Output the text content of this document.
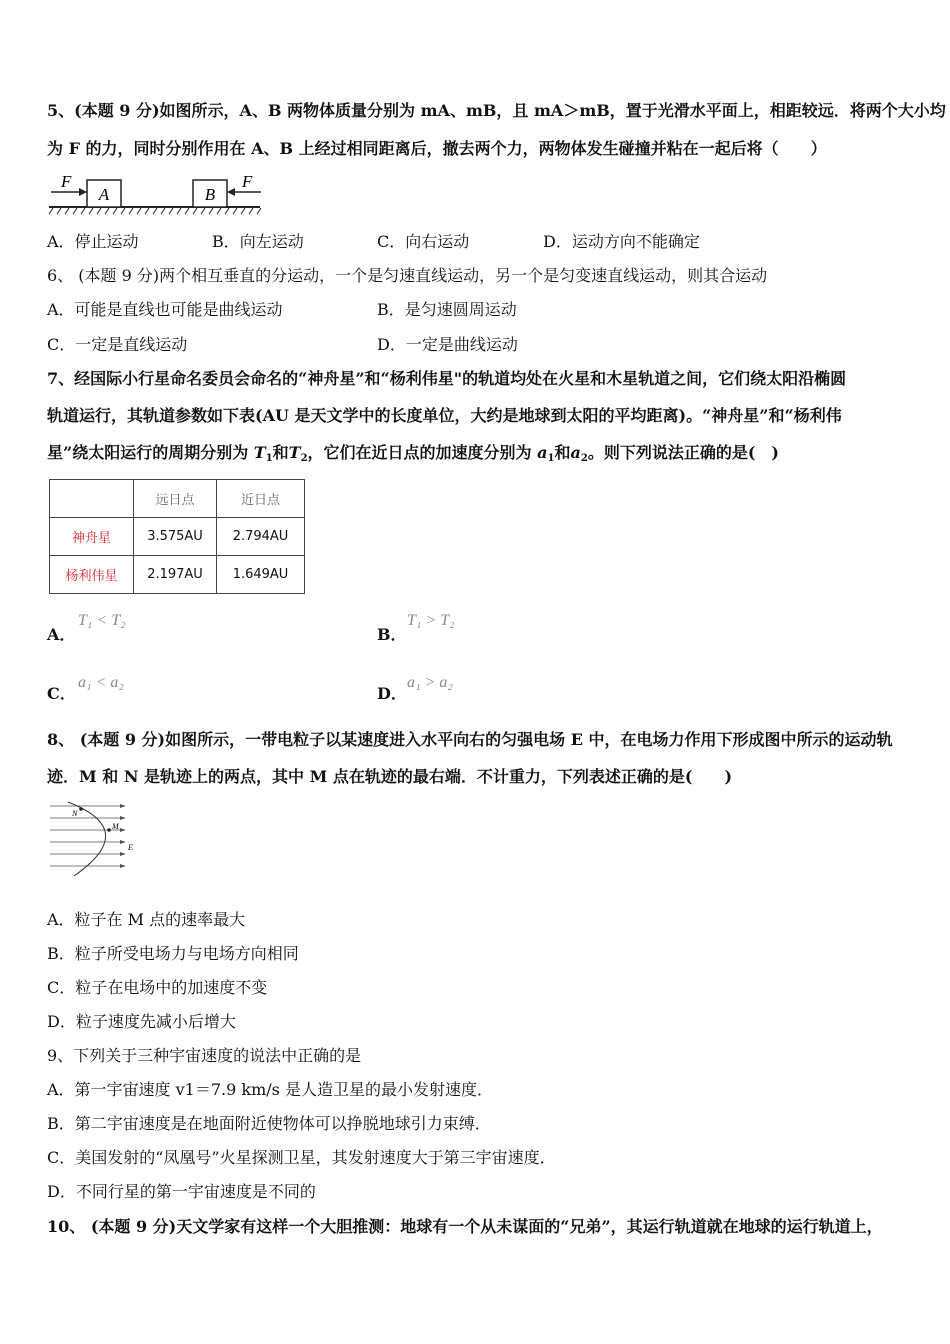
5、(本题 9 分)如图所示，A、B 两物体质量分别为 mA、mB，且 mA＞mB，置于光滑水平面上，相距较远．将两个大小均
为 F 的力，同时分别作用在 A、B 上经过相同距离后，撤去两个力，两物体发生碰撞并粘在一起后将（　　）
A	B
F	F
A．停止运动	B．向左运动	C．向右运动	D．运动方向不能确定
6、 (本题 9 分)两个相互垂直的分运动，一个是匀速直线运动，另一个是匀变速直线运动，则其合运动
A．可能是直线也可能是曲线运动	B．是匀速圆周运动
C．一定是直线运动	D．一定是曲线运动
7、经国际小行星命名委员会命名的“神舟星”和“杨利伟星"的轨道均处在火星和木星轨道之间，它们绕太阳沿椭圆
轨道运行，其轨道参数如下表(AU 是天文学中的长度单位，大约是地球到太阳的平均距离)。“神舟星”和“杨利伟
星”绕太阳运行的周期分别为 $T_1$和$T_2$，它们在近日点的加速度分别为 $a_1$和$a_2$。则下列说法正确的是(　)
	远日点	近日点
神舟星	3.575AU	2.794AU
杨利伟星	2.197AU	1.649AU
A．
T₁ < T₂
B．
T₁ > T₂
C．
a₁ < a₂
D．
a₁ > a₂
8、 (本题 9 分)如图所示，一带电粒子以某速度进入水平向右的匀强电场 E 中，在电场力作用下形成图中所示的运动轨
迹．M 和 N 是轨迹上的两点，其中 M 点在轨迹的最右端．不计重力，下列表述正确的是(　　)
N
M
E
A．粒子在 M 点的速率最大
B．粒子所受电场力与电场方向相同
C．粒子在电场中的加速度不变
D．粒子速度先减小后增大
9、下列关于三种宇宙速度的说法中正确的是
A．第一宇宙速度 v1＝7.9 km/s 是人造卫星的最小发射速度．
B．第二宇宙速度是在地面附近使物体可以挣脱地球引力束缚．
C．美国发射的“凤凰号”火星探测卫星，其发射速度大于第三宇宙速度．
D．不同行星的第一宇宙速度是不同的
10、 (本题 9 分)天文学家有这样一个大胆推测：地球有一个从未谋面的“兄弟”，其运行轨道就在地球的运行轨道上，
